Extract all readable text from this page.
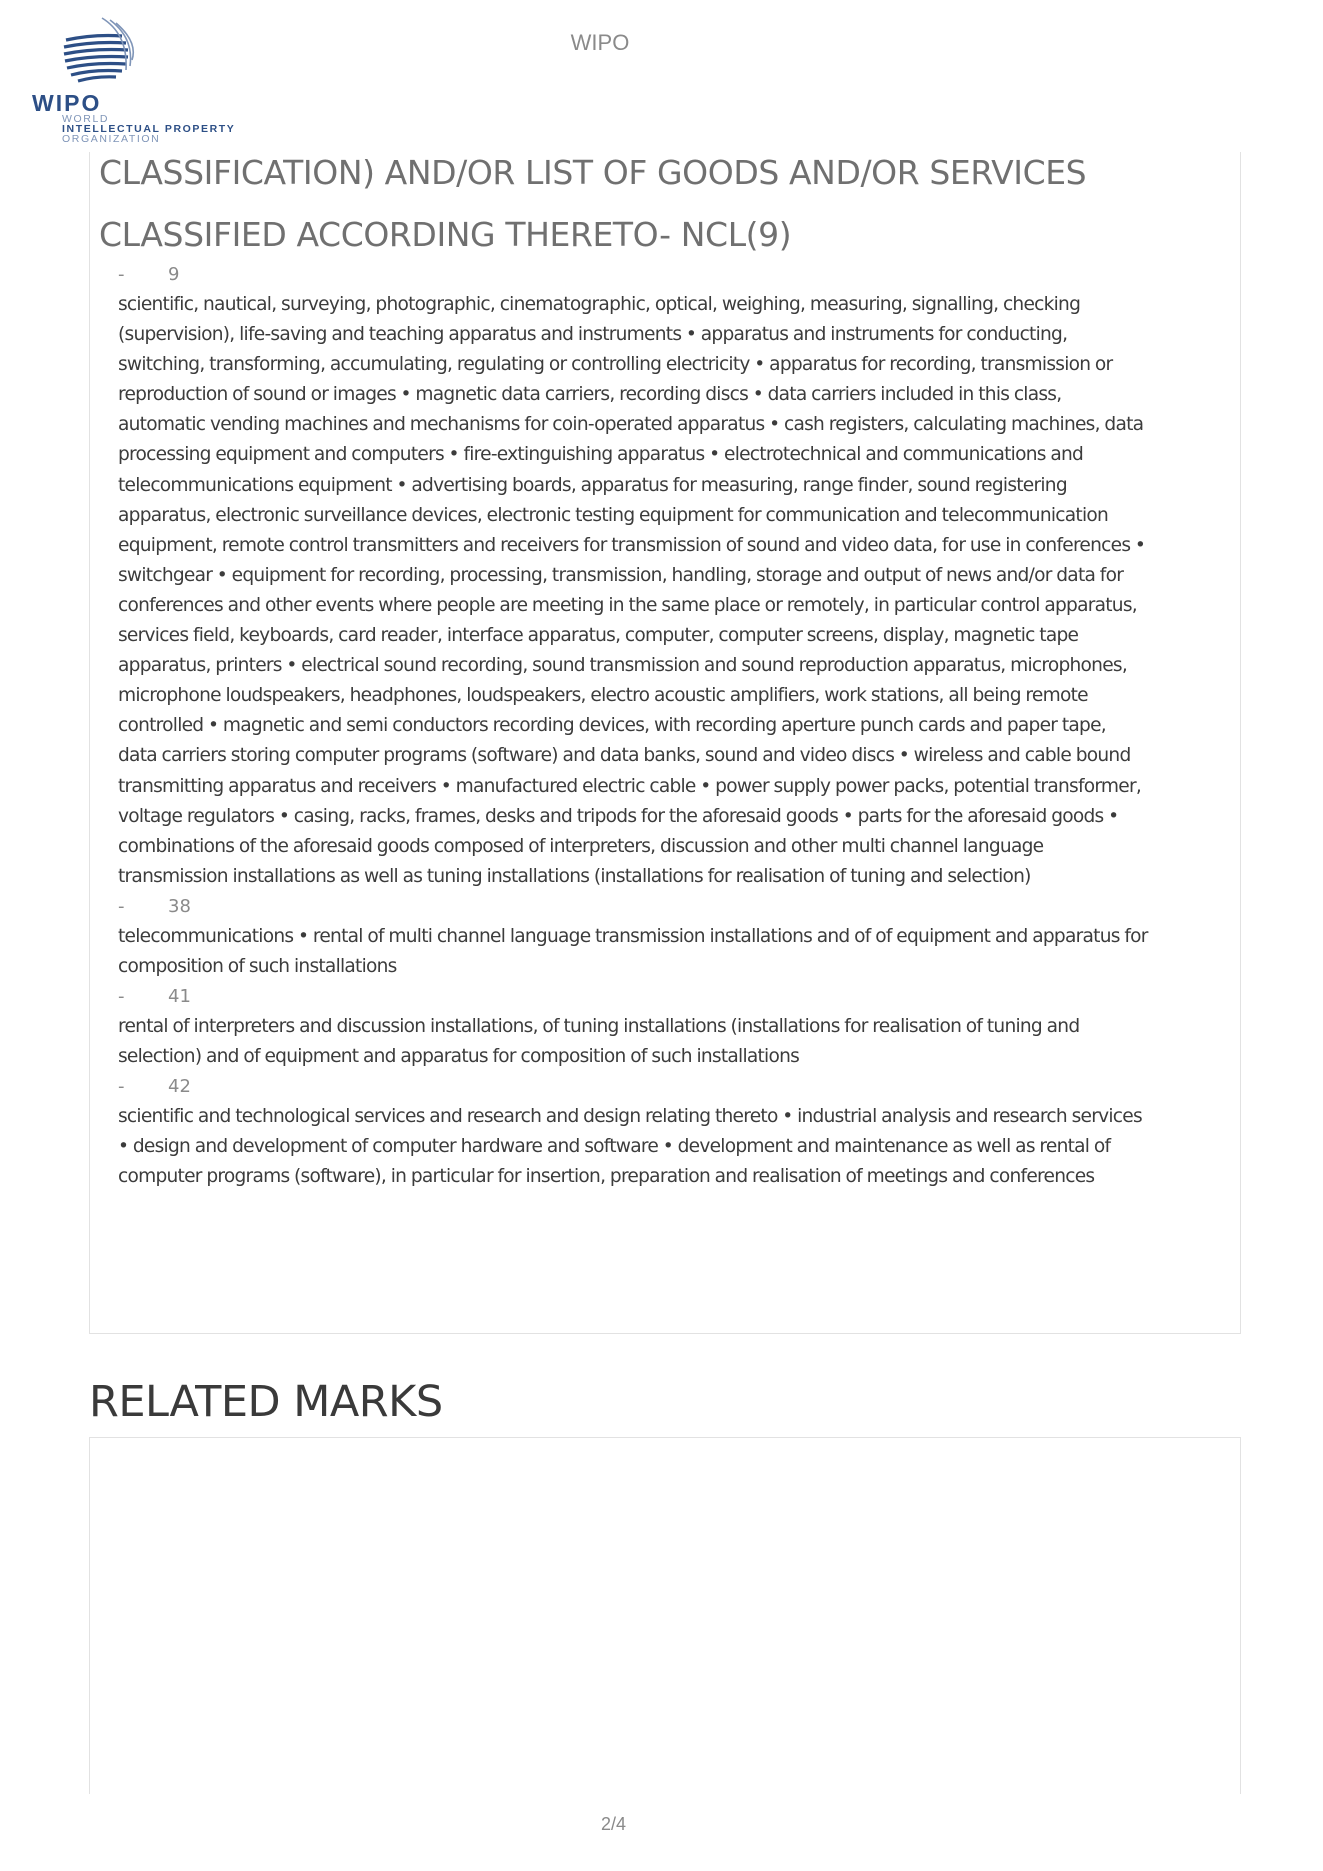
WIPO
WIPO
WORLD
INTELLECTUAL PROPERTY
ORGANIZATION
CLASSIFICATION) AND/OR LIST OF GOODS AND/OR SERVICES
CLASSIFIED ACCORDING THERETO- NCL(9)
- 9
scientific, nautical, surveying, photographic, cinematographic, optical, weighing, measuring, signalling, checking (supervision), life-saving and teaching apparatus and instruments • apparatus and instruments for conducting, switching, transforming, accumulating, regulating or controlling electricity • apparatus for recording, transmission or reproduction of sound or images • magnetic data carriers, recording discs • data carriers included in this class, automatic vending machines and mechanisms for coin-operated apparatus • cash registers, calculating machines, data processing equipment and computers • fire-extinguishing apparatus • electrotechnical and communications and telecommunications equipment • advertising boards, apparatus for measuring, range finder, sound registering apparatus, electronic surveillance devices, electronic testing equipment for communication and telecommunication equipment, remote control transmitters and receivers for transmission of sound and video data, for use in conferences • switchgear • equipment for recording, processing, transmission, handling, storage and output of news and/or data for conferences and other events where people are meeting in the same place or remotely, in particular control apparatus, services field, keyboards, card reader, interface apparatus, computer, computer screens, display, magnetic tape apparatus, printers • electrical sound recording, sound transmission and sound reproduction apparatus, microphones, microphone loudspeakers, headphones, loudspeakers, electro acoustic amplifiers, work stations, all being remote controlled • magnetic and semi conductors recording devices, with recording aperture punch cards and paper tape, data carriers storing computer programs (software) and data banks, sound and video discs • wireless and cable bound transmitting apparatus and receivers • manufactured electric cable • power supply power packs, potential transformer, voltage regulators • casing, racks, frames, desks and tripods for the aforesaid goods • parts for the aforesaid goods • combinations of the aforesaid goods composed of interpreters, discussion and other multi channel language transmission installations as well as tuning installations (installations for realisation of tuning and selection)
- 38
telecommunications • rental of multi channel language transmission installations and of of equipment and apparatus for composition of such installations
- 41
rental of interpreters and discussion installations, of tuning installations (installations for realisation of tuning and selection) and of equipment and apparatus for composition of such installations
- 42
scientific and technological services and research and design relating thereto • industrial analysis and research services • design and development of computer hardware and software • development and maintenance as well as rental of computer programs (software), in particular for insertion, preparation and realisation of meetings and conferences
RELATED MARKS
2/4
